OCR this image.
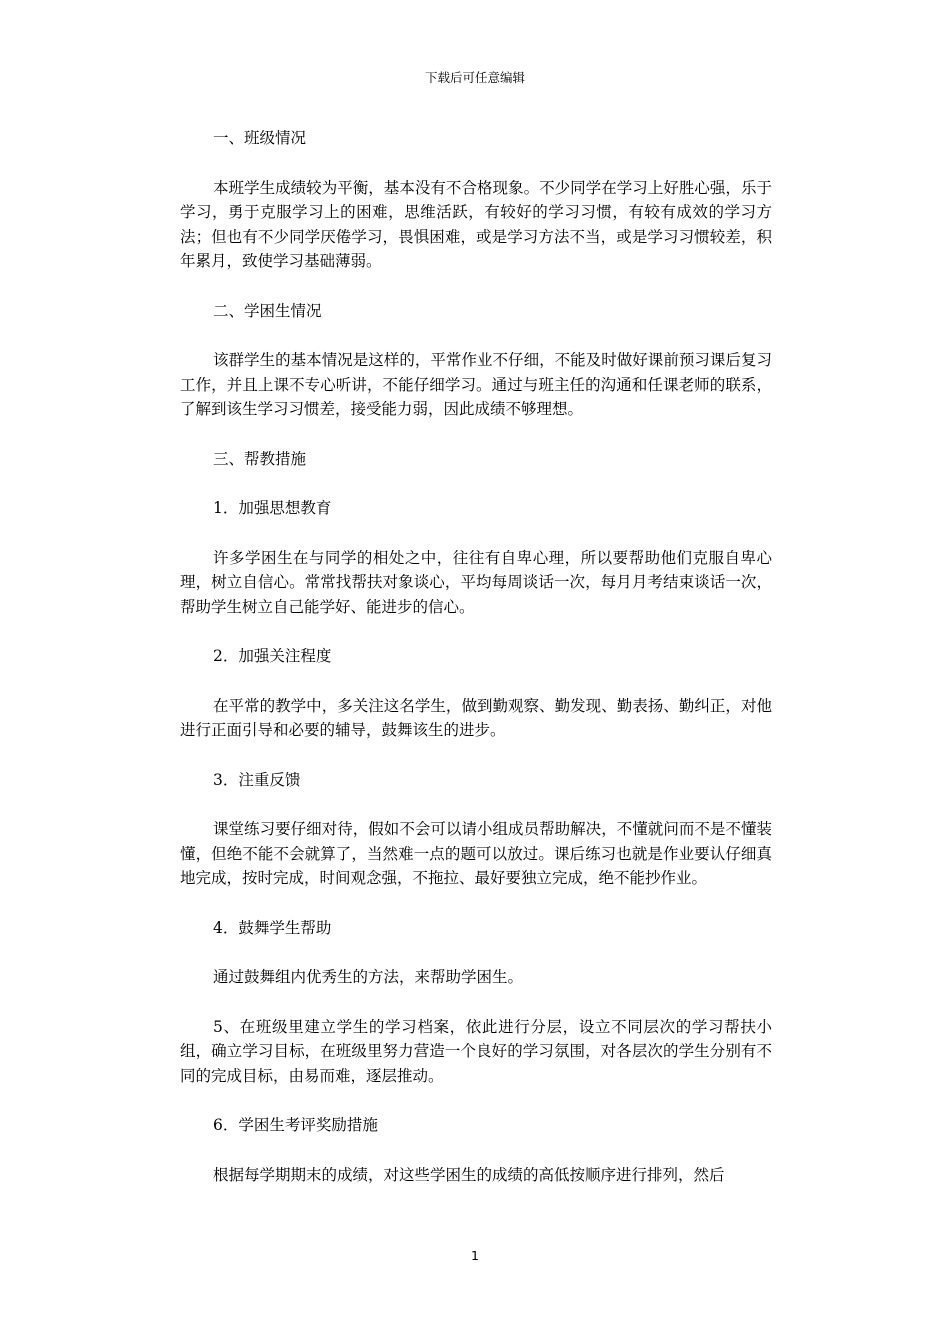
下载后可任意编辑

一、班级情况

本班学生成绩较为平衡，基本没有不合格现象。不少同学在学习上好胜心强，乐于学习，勇于克服学习上的困难，思维活跃，有较好的学习习惯，有较有成效的学习方法；但也有不少同学厌倦学习，畏惧困难，或是学习方法不当，或是学习习惯较差，积年累月，致使学习基础薄弱。

二、学困生情况

该群学生的基本情况是这样的，平常作业不仔细，不能及时做好课前预习课后复习工作，并且上课不专心听讲，不能仔细学习。通过与班主任的沟通和任课老师的联系，了解到该生学习习惯差，接受能力弱，因此成绩不够理想。

三、帮教措施

1．加强思想教育

许多学困生在与同学的相处之中，往往有自卑心理，所以要帮助他们克服自卑心理，树立自信心。常常找帮扶对象谈心，平均每周谈话一次，每月月考结束谈话一次，帮助学生树立自己能学好、能进步的信心。

2．加强关注程度

在平常的教学中，多关注这名学生，做到勤观察、勤发现、勤表扬、勤纠正，对他进行正面引导和必要的辅导，鼓舞该生的进步。

3．注重反馈

课堂练习要仔细对待，假如不会可以请小组成员帮助解决，不懂就问而不是不懂装懂，但绝不能不会就算了，当然难一点的题可以放过。课后练习也就是作业要认仔细真地完成，按时完成，时间观念强，不拖拉、最好要独立完成，绝不能抄作业。

4．鼓舞学生帮助

通过鼓舞组内优秀生的方法，来帮助学困生。

5、在班级里建立学生的学习档案，依此进行分层，设立不同层次的学习帮扶小组，确立学习目标，在班级里努力营造一个良好的学习氛围，对各层次的学生分别有不同的完成目标，由易而难，逐层推动。

6．学困生考评奖励措施

根据每学期期末的成绩，对这些学困生的成绩的高低按顺序进行排列，然后

1
